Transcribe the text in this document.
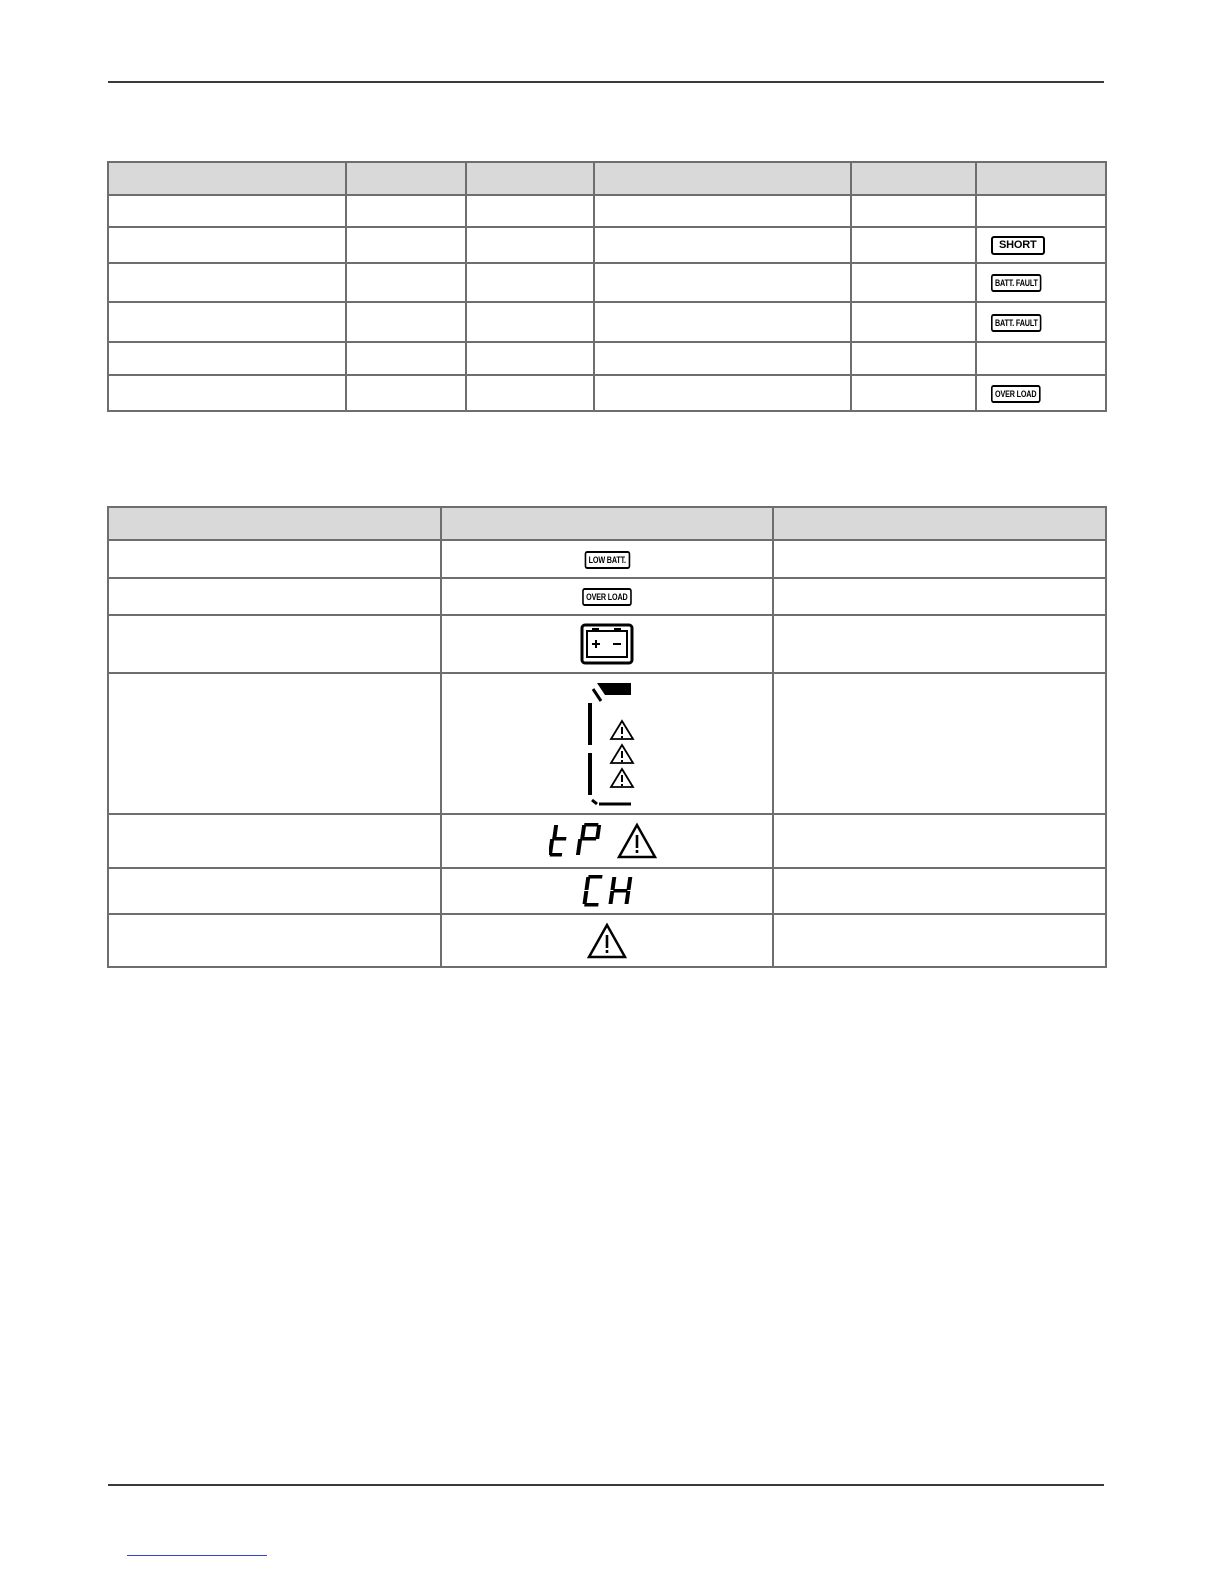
					SHORT
					BATT. FAULT
					BATT. FAULT

					OVER LOAD

	LOW BATT.	
	OVER LOAD	
